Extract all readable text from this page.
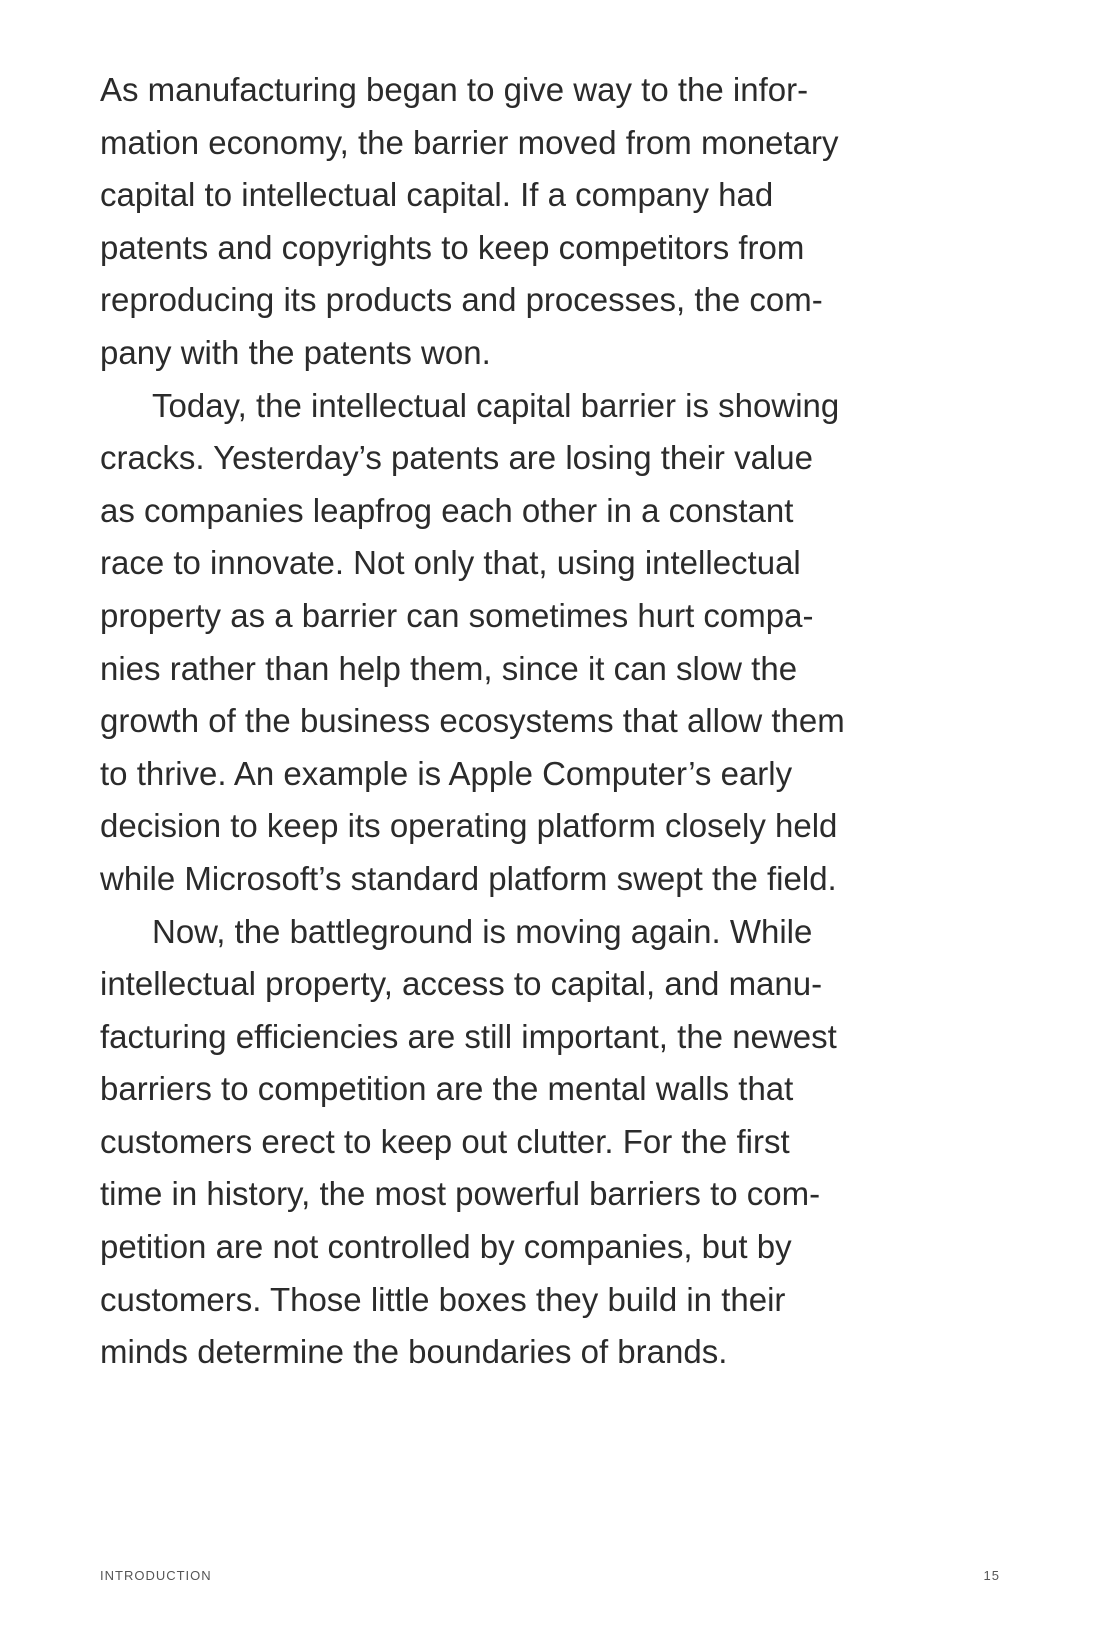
As manufacturing began to give way to the infor-
mation economy, the barrier moved from monetary
capital to intellectual capital. If a company had
patents and copyrights to keep competitors from
reproducing its products and processes, the com-
pany with the patents won.

Today, the intellectual capital barrier is showing
cracks. Yesterday’s patents are losing their value
as companies leapfrog each other in a constant
race to innovate. Not only that, using intellectual
property as a barrier can sometimes hurt compa-
nies rather than help them, since it can slow the
growth of the business ecosystems that allow them
to thrive. An example is Apple Computer’s early
decision to keep its operating platform closely held
while Microsoft’s standard platform swept the field.

Now, the battleground is moving again. While
intellectual property, access to capital, and manu-
facturing efficiencies are still important, the newest
barriers to competition are the mental walls that
customers erect to keep out clutter. For the first
time in history, the most powerful barriers to com-
petition are not controlled by companies, but by
customers. Those little boxes they build in their
minds determine the boundaries of brands.

INTRODUCTION	15
